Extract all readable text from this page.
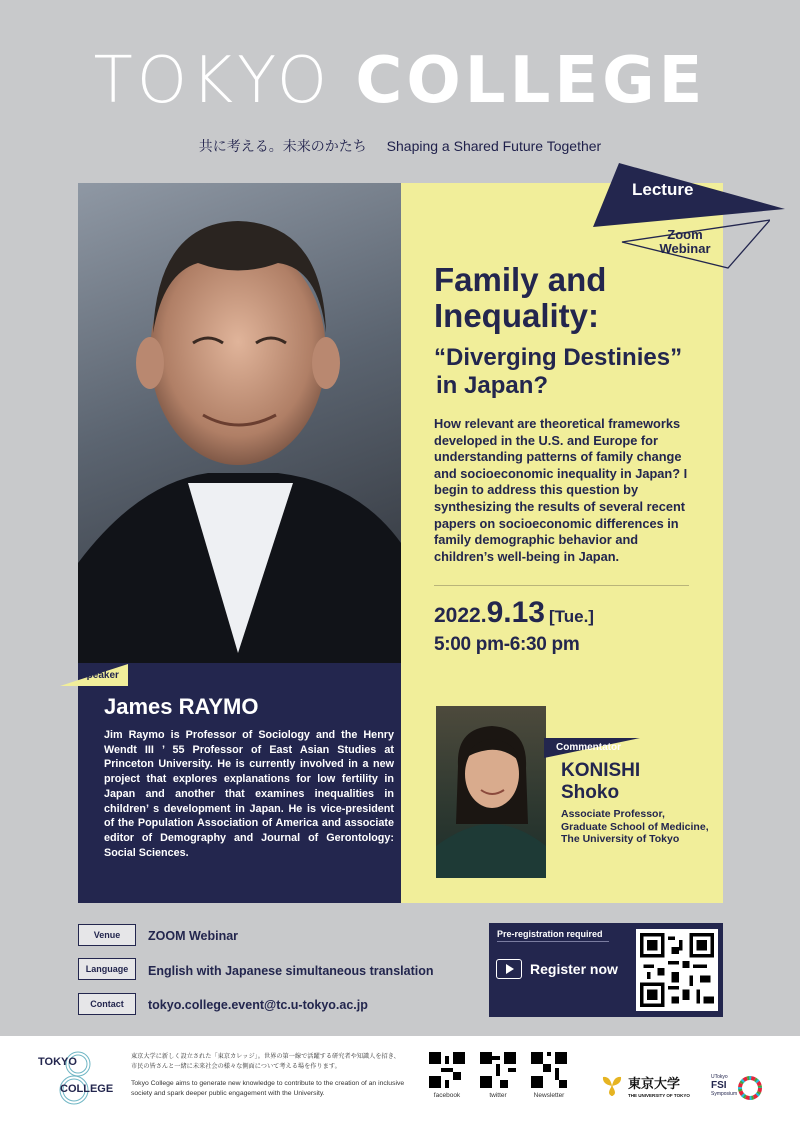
TOKYO COLLEGE
共に考える。未来のかたち Shaping a Shared Future Together
Speaker
James RAYMO
Jim Raymo is Professor of Sociology and the Henry Wendt III ’ 55 Professor of East Asian Studies at Princeton University. He is currently involved in a new project that explores explanations for low fertility in Japan and another that examines inequalities in children’ s development in Japan. He is vice-president of the Population Association of America and associate editor of Demography and Journal of Gerontology: Social Sciences.
Lecture
Zoom
Webinar
Family and
Inequality:
“Diverging Destinies”
in Japan?
How relevant are theoretical frameworks developed in the U.S. and Europe for understanding patterns of family change and socioeconomic inequality in Japan? I begin to address this question by synthesizing the results of several recent papers on socioeconomic differences in family demographic behavior and children’s well-being in Japan.
2022.9.13 [Tue.]
5:00 pm-6:30 pm
Commentator
KONISHI
Shoko
Associate Professor,
Graduate School of Medicine,
The University of Tokyo
Venue	ZOOM Webinar
Language	English with Japanese simultaneous translation
Contact	tokyo.college.event@tc.u-tokyo.ac.jp
Pre-registration required
Register now
TOKYO
COLLEGE
東京大学に新しく設立された「東京カレッジ」。世界の第一線で活躍する研究者や知識人を招き、市民の皆さんと一緒に未来社会の様々な側面について考える場を作ります。
Tokyo College aims to generate new knowledge to contribute to the creation of an inclusive society and spark deeper public engagement with the University.	facebook	twitter	Newsletter
東京大学
THE UNIVERSITY OF TOKYO
UTokyo
FSI
Symposium
